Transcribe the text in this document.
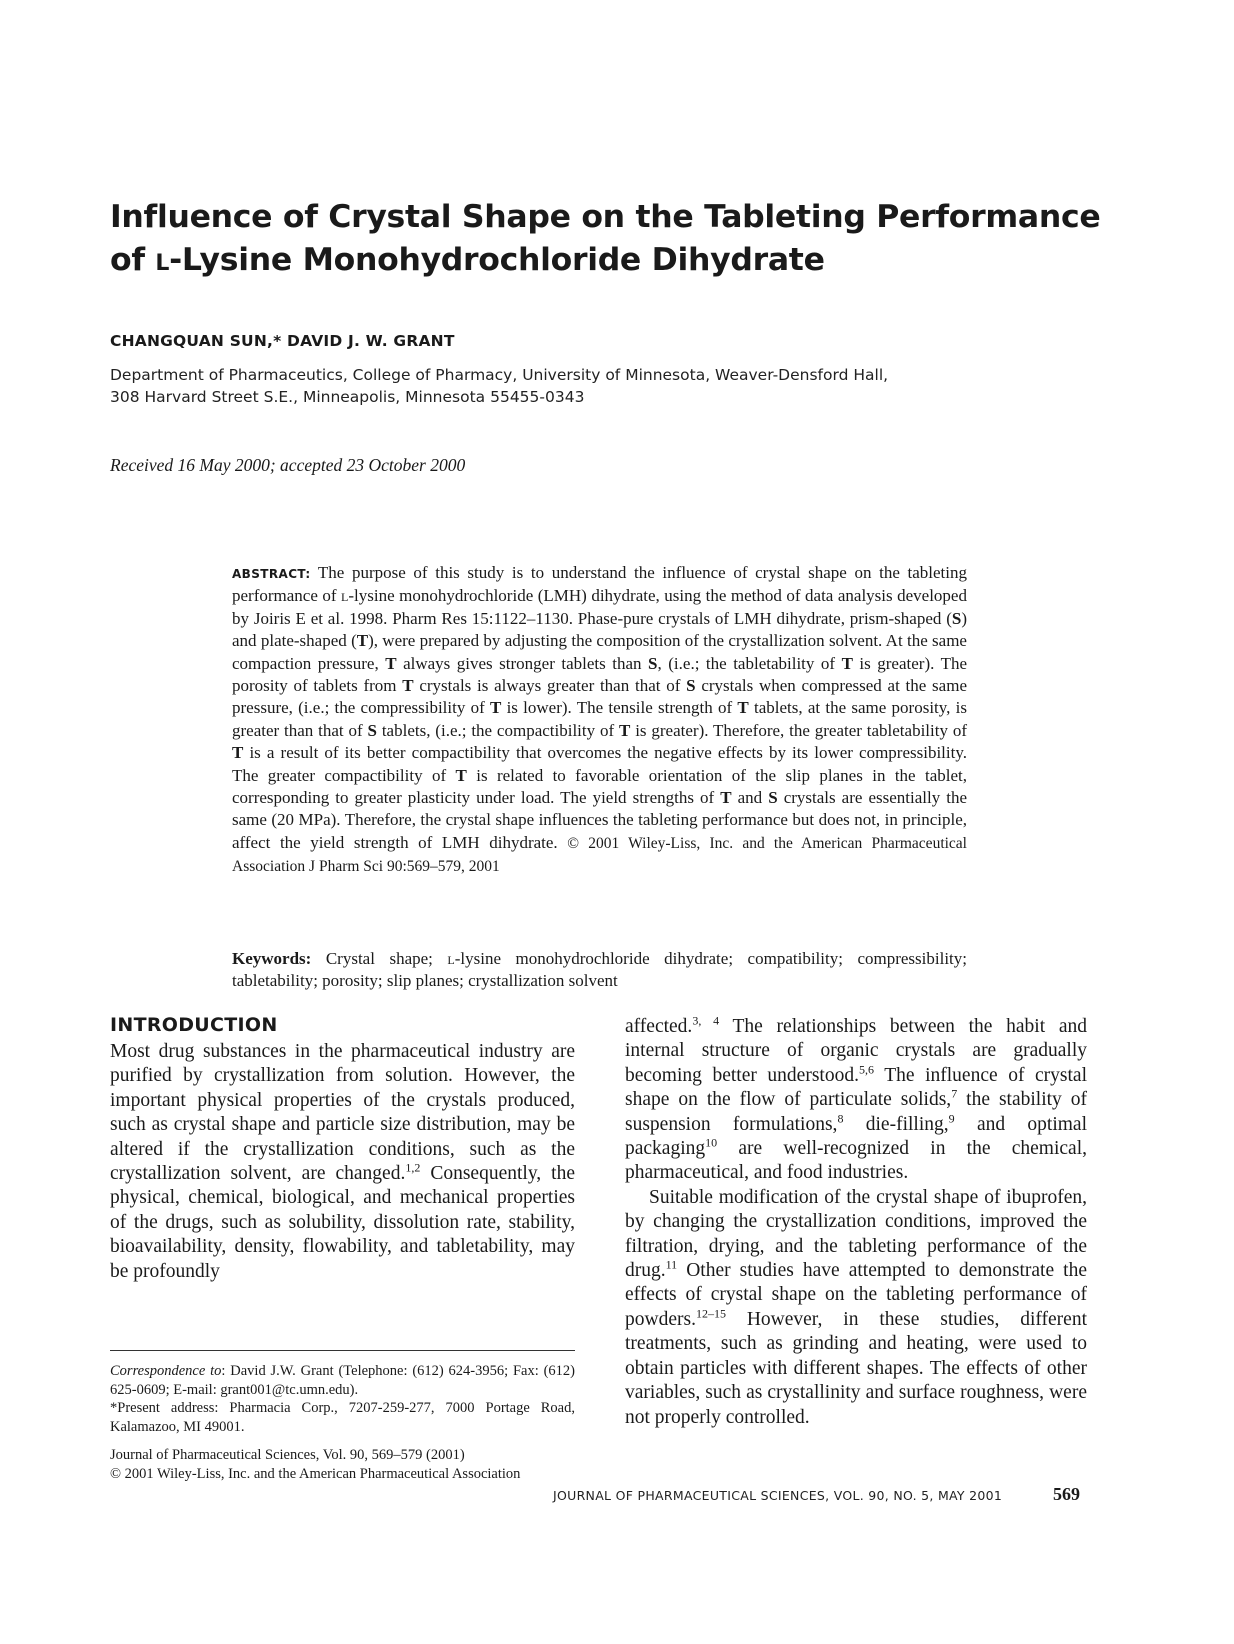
Influence of Crystal Shape on the Tableting Performance
of l-Lysine Monohydrochloride Dihydrate
CHANGQUAN SUN,* DAVID J. W. GRANT
Department of Pharmaceutics, College of Pharmacy, University of Minnesota, Weaver-Densford Hall,
308 Harvard Street S.E., Minneapolis, Minnesota 55455-0343
Received 16 May 2000; accepted 23 October 2000

ABSTRACT: The purpose of this study is to understand the influence of crystal shape on the tableting performance of l-lysine monohydrochloride (LMH) dihydrate, using the method of data analysis developed by Joiris E et al. 1998. Pharm Res 15:1122–1130. Phase-pure crystals of LMH dihydrate, prism-shaped (S) and plate-shaped (T), were prepared by adjusting the composition of the crystallization solvent. At the same compaction pressure, T always gives stronger tablets than S, (i.e.; the tabletability of T is greater). The porosity of tablets from T crystals is always greater than that of S crystals when compressed at the same pressure, (i.e.; the compressibility of T is lower). The tensile strength of T tablets, at the same porosity, is greater than that of S tablets, (i.e.; the compactibility of T is greater). Therefore, the greater tabletability of T is a result of its better compactibility that overcomes the negative effects by its lower compressibility. The greater compactibility of T is related to favorable orientation of the slip planes in the tablet, corresponding to greater plasticity under load. The yield strengths of T and S crystals are essentially the same (20 MPa). Therefore, the crystal shape influences the tableting performance but does not, in principle, affect the yield strength of LMH dihydrate. © 2001 Wiley-Liss, Inc. and the American Pharmaceutical Association J Pharm Sci 90:569–579, 2001

Keywords: Crystal shape; l-lysine monohydrochloride dihydrate; compatibility; compressibility; tabletability; porosity; slip planes; crystallization solvent

INTRODUCTION

Most drug substances in the pharmaceutical industry are purified by crystallization from solution. However, the important physical properties of the crystals produced, such as crystal shape and particle size distribution, may be altered if the crystallization conditions, such as the crystallization solvent, are changed.$^{1,2}$ Consequently, the physical, chemical, biological, and mechanical properties of the drugs, such as solubility, dissolution rate, stability, bioavailability, density, flowability, and tabletability, may be profoundly

affected.$^{3, 4}$ The relationships between the habit and internal structure of organic crystals are gradually becoming better understood.$^{5,6}$ The influence of crystal shape on the flow of particulate solids,$^7$ the stability of suspension formulations,$^8$ die-filling,$^9$ and optimal packaging$^{10}$ are well-recognized in the chemical, pharmaceutical, and food industries.

Suitable modification of the crystal shape of ibuprofen, by changing the crystallization conditions, improved the filtration, drying, and the tableting performance of the drug.$^{11}$ Other studies have attempted to demonstrate the effects of crystal shape on the tableting performance of powders.$^{12-15}$ However, in these studies, different treatments, such as grinding and heating, were used to obtain particles with different shapes. The effects of other variables, such as crystallinity and surface roughness, were not properly controlled.

Correspondence to: David J.W. Grant (Telephone: (612) 624-3956; Fax: (612) 625-0609; E-mail: grant001@tc.umn.edu).
*Present address: Pharmacia Corp., 7207-259-277, 7000 Portage Road, Kalamazoo, MI 49001.

Journal of Pharmaceutical Sciences, Vol. 90, 569–579 (2001)
© 2001 Wiley-Liss, Inc. and the American Pharmaceutical Association

JOURNAL OF PHARMACEUTICAL SCIENCES, VOL. 90, NO. 5, MAY 2001	569
